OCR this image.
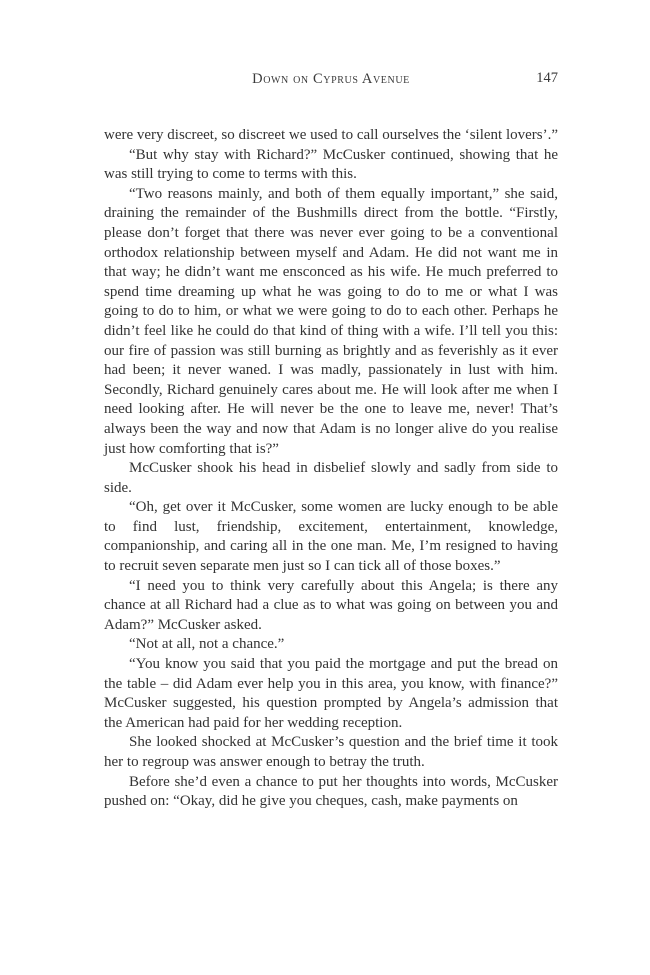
Down on Cyprus Avenue	147

were very discreet, so discreet we used to call ourselves the ‘silent lovers’.”

“But why stay with Richard?” McCusker continued, showing that he was still trying to come to terms with this.

“Two reasons mainly, and both of them equally important,” she said, draining the remainder of the Bushmills direct from the bottle. “Firstly, please don’t forget that there was never ever going to be a conventional orthodox relationship between myself and Adam. He did not want me in that way; he didn’t want me ensconced as his wife. He much preferred to spend time dreaming up what he was going to do to me or what I was going to do to him, or what we were going to do to each other. Perhaps he didn’t feel like he could do that kind of thing with a wife. I’ll tell you this: our fire of passion was still burning as brightly and as feverishly as it ever had been; it never waned. I was madly, passionately in lust with him. Secondly, Richard genuinely cares about me. He will look after me when I need looking after. He will never be the one to leave me, never! That’s always been the way and now that Adam is no longer alive do you realise just how comforting that is?”

McCusker shook his head in disbelief slowly and sadly from side to side.

“Oh, get over it McCusker, some women are lucky enough to be able to find lust, friendship, excitement, entertainment, knowledge, companionship, and caring all in the one man. Me, I’m resigned to having to recruit seven separate men just so I can tick all of those boxes.”

“I need you to think very carefully about this Angela; is there any chance at all Richard had a clue as to what was going on between you and Adam?” McCusker asked.

“Not at all, not a chance.”

“You know you said that you paid the mortgage and put the bread on the table – did Adam ever help you in this area, you know, with finance?” McCusker suggested, his question prompted by Angela’s admission that the American had paid for her wedding reception.

She looked shocked at McCusker’s question and the brief time it took her to regroup was answer enough to betray the truth.

Before she’d even a chance to put her thoughts into words, McCusker pushed on: “Okay, did he give you cheques, cash, make payments on
